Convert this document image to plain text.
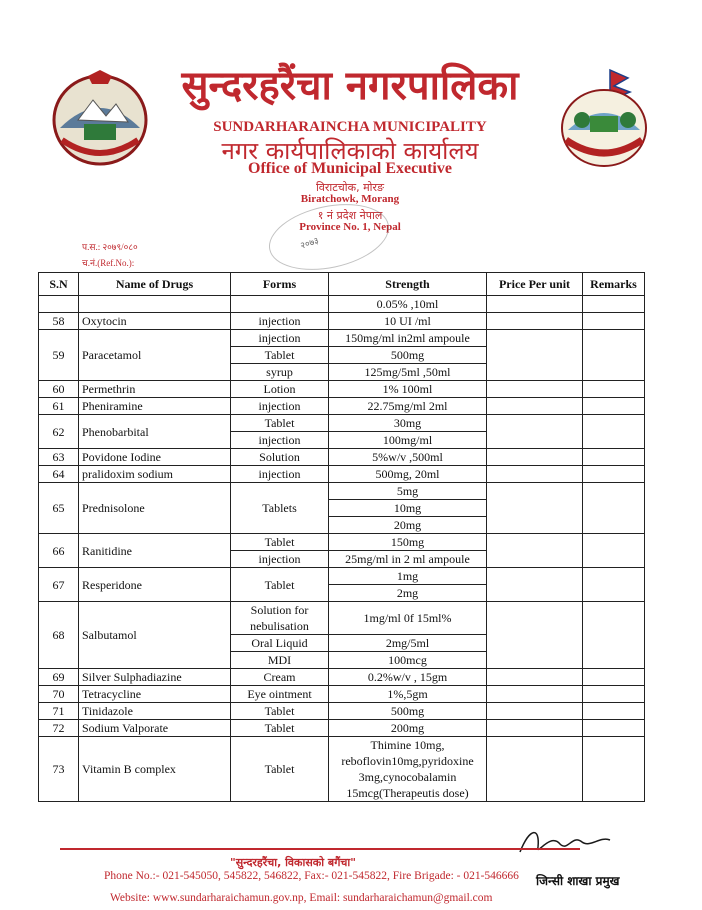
सुन्दरहरैंचा नगरपालिका
SUNDARHARAINCHA MUNICIPALITY
नगर कार्यपालिकाको कार्यालय
Office of Municipal Executive
विराटचोक, मोरङ
Biratchowk, Morang
१ नं प्रदेश नेपाल
Province No. 1, Nepal
२०७३
प.स.: २०७९/०८०
च.नं.(Ref.No.):
S.N	Name of Drugs	Forms	Strength	Price Per unit	Remarks
			0.05% ,10ml		
58	Oxytocin	injection	10 UI /ml		
59	Paracetamol	injection	150mg/ml in2ml ampoule		
		Tablet	500mg		
		syrup	125mg/5ml ,50ml		
60	Permethrin	Lotion	1% 100ml		
61	Pheniramine	injection	22.75mg/ml 2ml		
62	Phenobarbital	Tablet	30mg		
		injection	100mg/ml		
63	Povidone Iodine	Solution	5%w/v ,500ml		
64	pralidoxim sodium	injection	500mg, 20ml		
65	Prednisolone	Tablets	5mg		
			10mg		
			20mg		
66	Ranitidine	Tablet	150mg		
		injection	25mg/ml in 2 ml ampoule		
67	Resperidone	Tablet	1mg		
			2mg		
68	Salbutamol	Solution for nebulisation	1mg/ml 0f 15ml%		
		Oral Liquid	2mg/5ml		
		MDI	100mcg		
69	Silver Sulphadiazine	Cream	0.2%w/v , 15gm		
70	Tetracycline	Eye ointment	1%,5gm		
71	Tinidazole	Tablet	500mg		
72	Sodium Valporate	Tablet	200mg		
73	Vitamin B complex	Tablet	Thimine 10mg, reboflovin10mg,pyridoxine 3mg,cynocobalamin 15mcg(Therapeutis dose)		
"सुन्दरहरैंचा, विकासको बगैंचा"
Phone No.:- 021-545050, 545822, 546822, Fax:- 021-545822, Fire Brigade: - 021-546666
Website: www.sundarharaichamun.gov.np, Email: sundarharaichamun@gmail.com
जिन्सी शाखा प्रमुख
